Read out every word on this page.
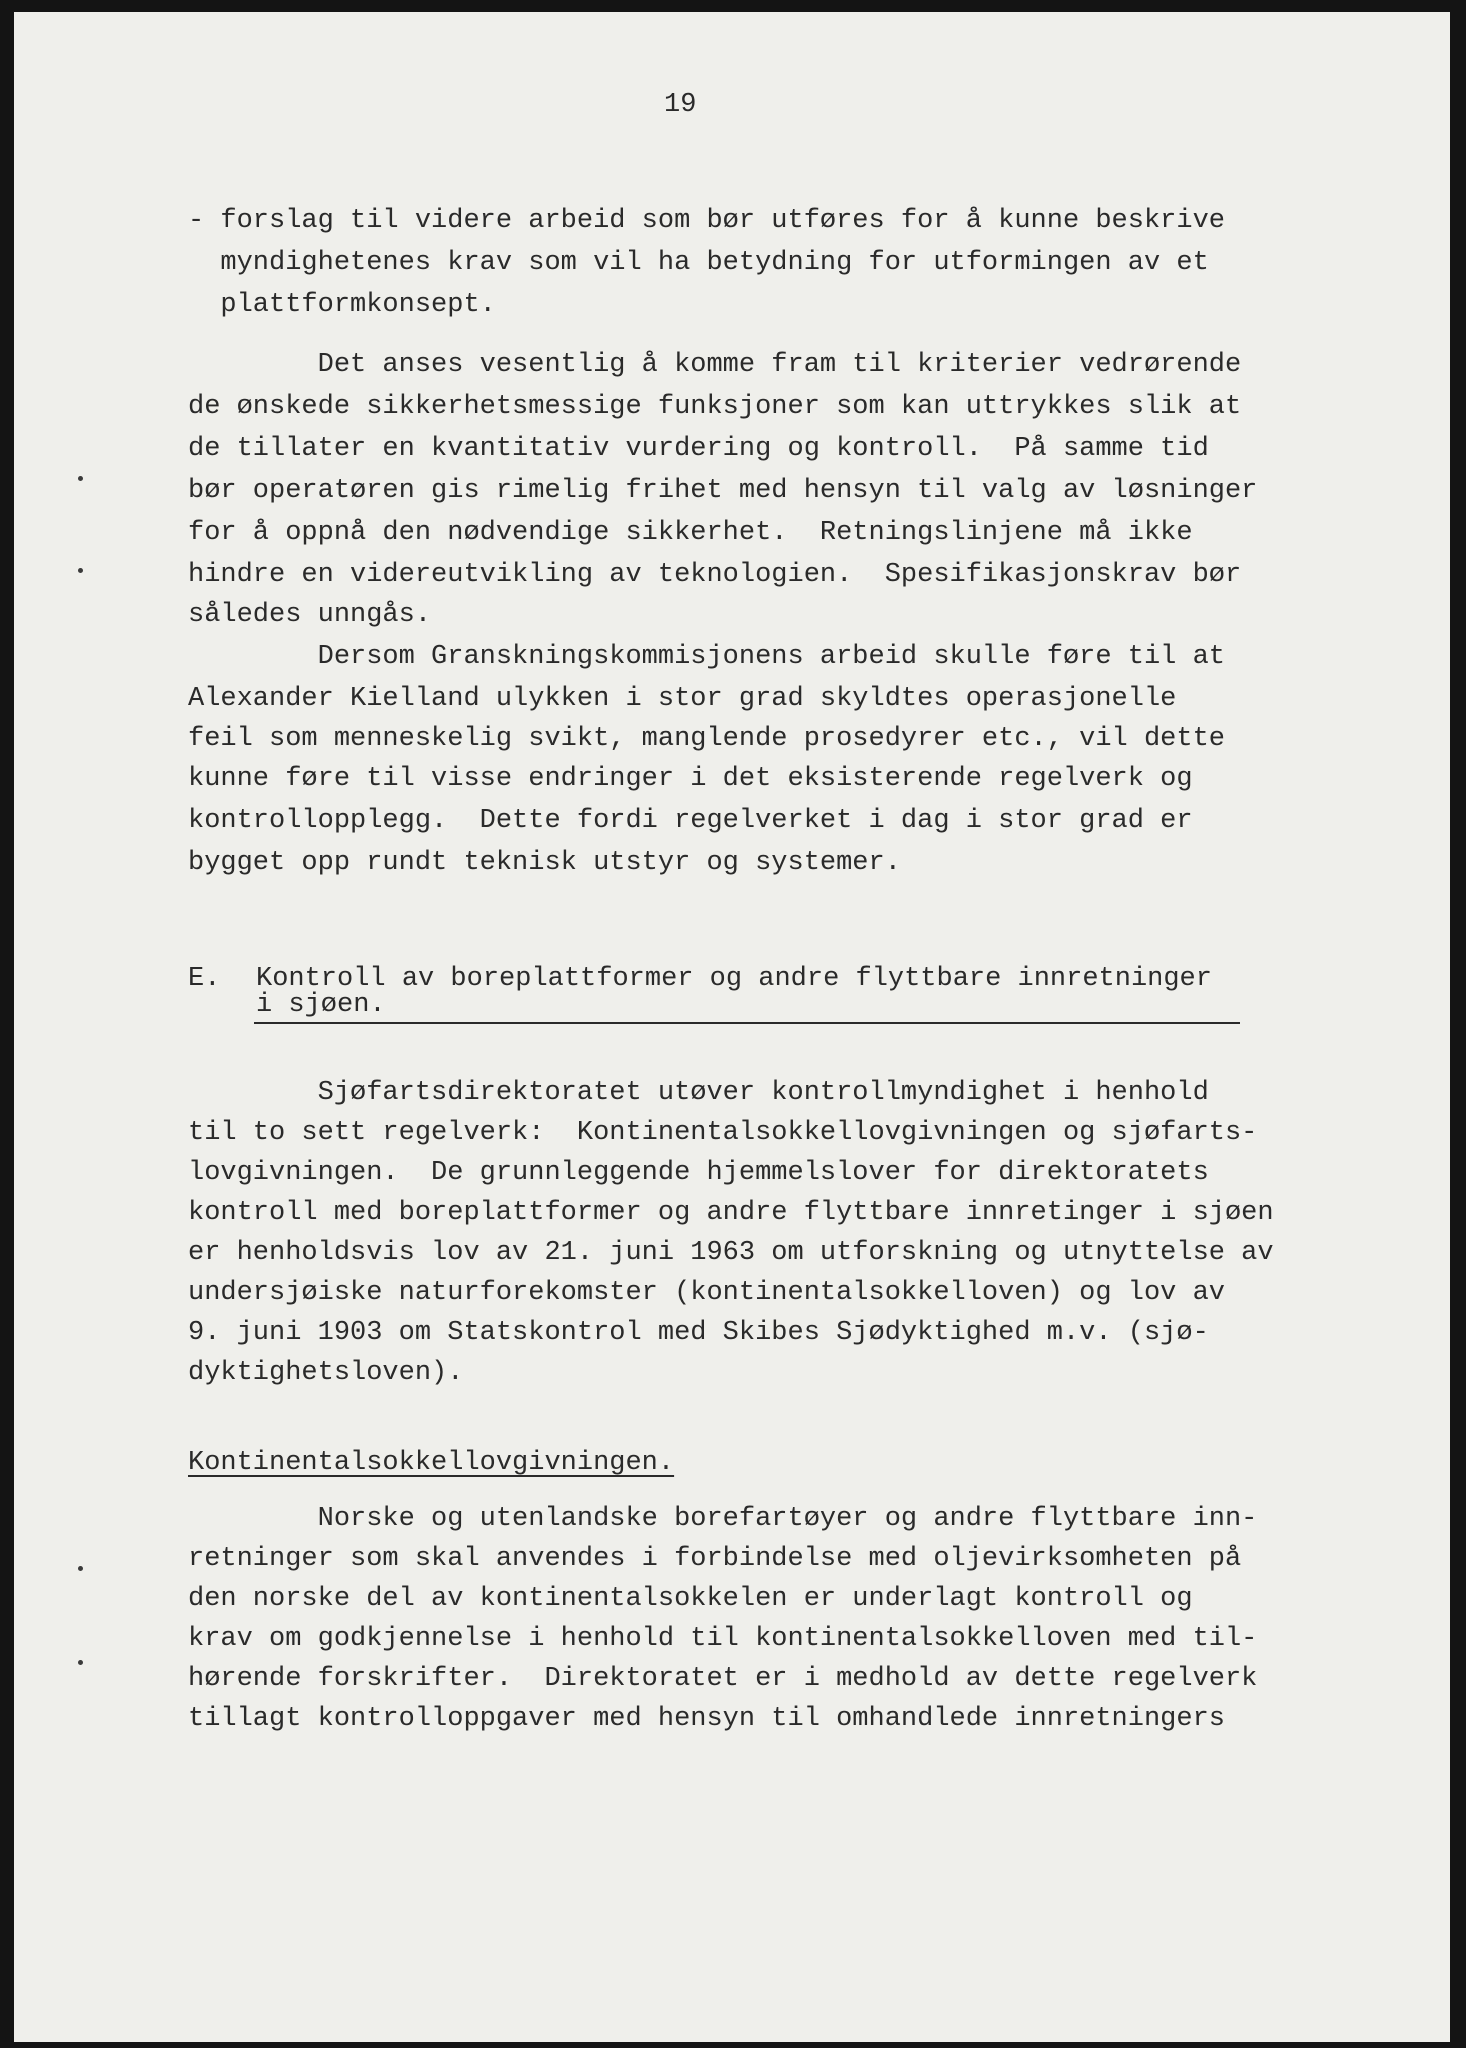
19
- forslag til videre arbeid som bør utføres for å kunne beskrive
myndighetenes krav som vil ha betydning for utformingen av et
plattformkonsept.
Det anses vesentlig å komme fram til kriterier vedrørende
de ønskede sikkerhetsmessige funksjoner som kan uttrykkes slik at
de tillater en kvantitativ vurdering og kontroll.  På samme tid
bør operatøren gis rimelig frihet med hensyn til valg av løsninger
for å oppnå den nødvendige sikkerhet.  Retningslinjene må ikke
hindre en videreutvikling av teknologien.  Spesifikasjonskrav bør
således unngås.
Dersom Granskningskommisjonens arbeid skulle føre til at
Alexander Kielland ulykken i stor grad skyldtes operasjonelle
feil som menneskelig svikt, manglende prosedyrer etc., vil dette
kunne føre til visse endringer i det eksisterende regelverk og
kontrollopplegg.  Dette fordi regelverket i dag i stor grad er
bygget opp rundt teknisk utstyr og systemer.
E. Kontroll av boreplattformer og andre flyttbare innretninger
i sjøen.
Sjøfartsdirektoratet utøver kontrollmyndighet i henhold
til to sett regelverk:  Kontinentalsokkellovgivningen og sjøfarts-
lovgivningen.  De grunnleggende hjemmelslover for direktoratets
kontroll med boreplattformer og andre flyttbare innretinger i sjøen
er henholdsvis lov av 21. juni 1963 om utforskning og utnyttelse av
undersjøiske naturforekomster (kontinentalsokkelloven) og lov av
9. juni 1903 om Statskontrol med Skibes Sjødyktighed m.v. (sjø-
dyktighetsloven).
Kontinentalsokkellovgivningen.
Norske og utenlandske borefartøyer og andre flyttbare inn-
retninger som skal anvendes i forbindelse med oljevirksomheten på
den norske del av kontinentalsokkelen er underlagt kontroll og
krav om godkjennelse i henhold til kontinentalsokkelloven med til-
hørende forskrifter.  Direktoratet er i medhold av dette regelverk
tillagt kontrolloppgaver med hensyn til omhandlede innretningers
